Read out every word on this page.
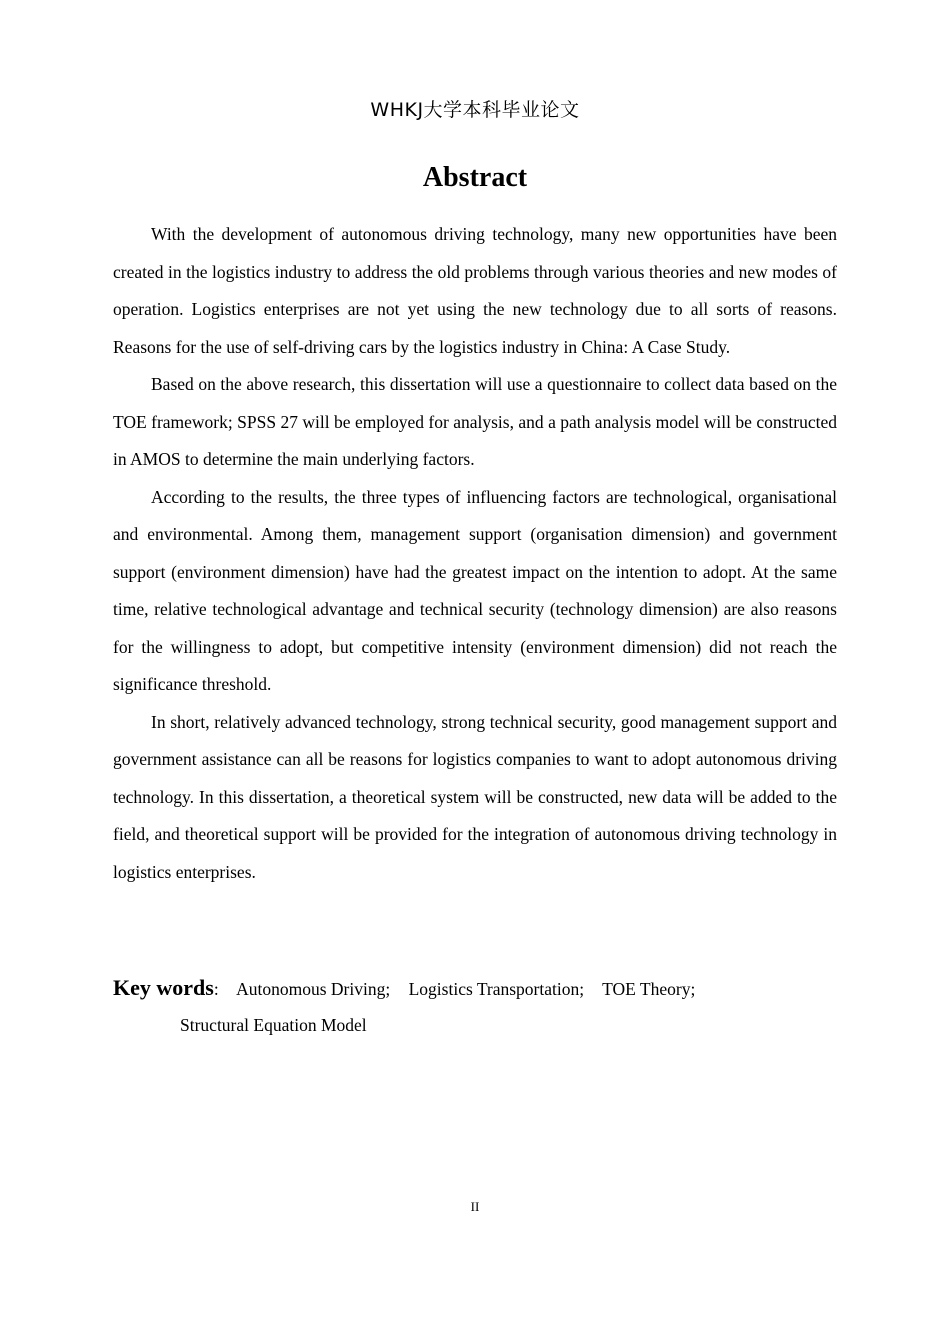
WHKJ大学本科毕业论文
Abstract

With the development of autonomous driving technology, many new opportunities have been created in the logistics industry to address the old problems through various theories and new modes of operation. Logistics enterprises are not yet using the new technology due to all sorts of reasons. Reasons for the use of self-driving cars by the logistics industry in China: A Case Study.

Based on the above research, this dissertation will use a questionnaire to collect data based on the TOE framework; SPSS 27 will be employed for analysis, and a path analysis model will be constructed in AMOS to determine the main underlying factors.

According to the results, the three types of influencing factors are technological, organisational and environmental. Among them, management support (organisation dimension) and government support (environment dimension) have had the greatest impact on the intention to adopt. At the same time, relative technological advantage and technical security (technology dimension) are also reasons for the willingness to adopt, but competitive intensity (environment dimension) did not reach the significance threshold.

In short, relatively advanced technology, strong technical security, good management support and government assistance can all be reasons for logistics companies to want to adopt autonomous driving technology. In this dissertation, a theoretical system will be constructed, new data will be added to the field, and theoretical support will be provided for the integration of autonomous driving technology in logistics enterprises.

Key words: Autonomous Driving; Logistics Transportation; TOE Theory;
Structural Equation Model
II
